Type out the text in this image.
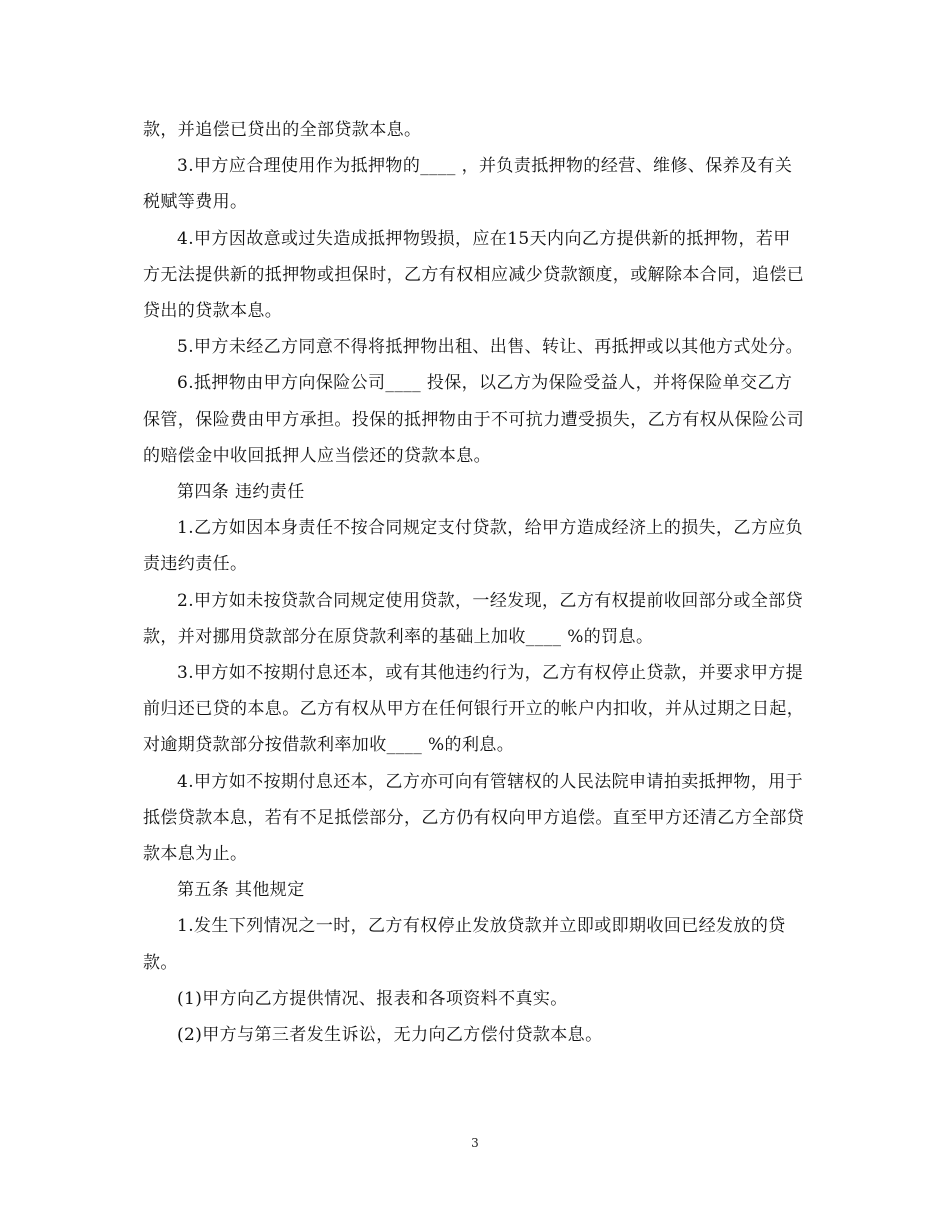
款，并追偿已贷出的全部贷款本息。

3.甲方应合理使用作为抵押物的____ ，并负责抵押物的经营、维修、保养及有关税赋等费用。

4.甲方因故意或过失造成抵押物毁损，应在15天内向乙方提供新的抵押物，若甲方无法提供新的抵押物或担保时，乙方有权相应减少贷款额度，或解除本合同，追偿已贷出的贷款本息。

5.甲方未经乙方同意不得将抵押物出租、出售、转让、再抵押或以其他方式处分。

6.抵押物由甲方向保险公司____ 投保，以乙方为保险受益人，并将保险单交乙方保管，保险费由甲方承担。投保的抵押物由于不可抗力遭受损失，乙方有权从保险公司的赔偿金中收回抵押人应当偿还的贷款本息。

第四条 违约责任

1.乙方如因本身责任不按合同规定支付贷款，给甲方造成经济上的损失，乙方应负责违约责任。

2.甲方如未按贷款合同规定使用贷款，一经发现，乙方有权提前收回部分或全部贷款，并对挪用贷款部分在原贷款利率的基础上加收____ %的罚息。

3.甲方如不按期付息还本，或有其他违约行为，乙方有权停止贷款，并要求甲方提前归还已贷的本息。乙方有权从甲方在任何银行开立的帐户内扣收，并从过期之日起，对逾期贷款部分按借款利率加收____ %的利息。

4.甲方如不按期付息还本，乙方亦可向有管辖权的人民法院申请拍卖抵押物，用于抵偿贷款本息，若有不足抵偿部分，乙方仍有权向甲方追偿。直至甲方还清乙方全部贷款本息为止。

第五条 其他规定

1.发生下列情况之一时，乙方有权停止发放贷款并立即或即期收回已经发放的贷款。

(1)甲方向乙方提供情况、报表和各项资料不真实。

(2)甲方与第三者发生诉讼，无力向乙方偿付贷款本息。

3
